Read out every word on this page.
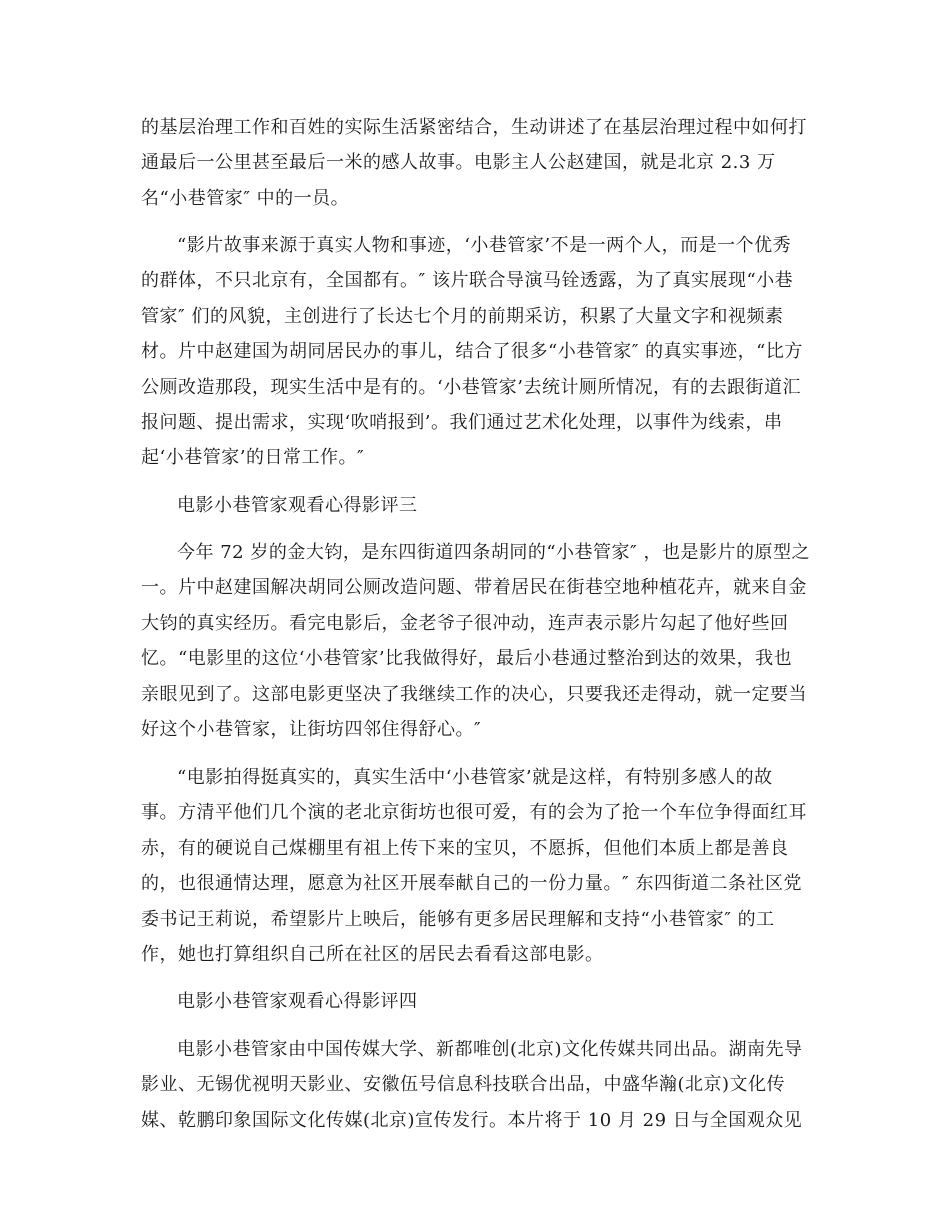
的基层治理工作和百姓的实际生活紧密结合，生动讲述了在基层治理过程中如何打
通最后一公里甚至最后一米的感人故事。电影主人公赵建国，就是北京 2.3 万
名“小巷管家″ 中的一员。
“影片故事来源于真实人物和事迹，‘小巷管家’不是一两个人，而是一个优秀
的群体，不只北京有，全国都有。″ 该片联合导演马铨透露，为了真实展现“小巷
管家″ 们的风貌，主创进行了长达七个月的前期采访，积累了大量文字和视频素
材。片中赵建国为胡同居民办的事儿，结合了很多“小巷管家″ 的真实事迹，“比方
公厕改造那段，现实生活中是有的。‘小巷管家’去统计厕所情况，有的去跟街道汇
报问题、提出需求，实现‘吹哨报到’。我们通过艺术化处理，以事件为线索，串
起‘小巷管家’的日常工作。″
电影小巷管家观看心得影评三
今年 72 岁的金大钧，是东四街道四条胡同的“小巷管家″ ，也是影片的原型之
一。片中赵建国解决胡同公厕改造问题、带着居民在街巷空地种植花卉，就来自金
大钧的真实经历。看完电影后，金老爷子很冲动，连声表示影片勾起了他好些回
忆。“电影里的这位‘小巷管家’比我做得好，最后小巷通过整治到达的效果，我也
亲眼见到了。这部电影更坚决了我继续工作的决心，只要我还走得动，就一定要当
好这个小巷管家，让街坊四邻住得舒心。″
“电影拍得挺真实的，真实生活中‘小巷管家’就是这样，有特别多感人的故
事。方清平他们几个演的老北京街坊也很可爱，有的会为了抢一个车位争得面红耳
赤，有的硬说自己煤棚里有祖上传下来的宝贝，不愿拆，但他们本质上都是善良
的，也很通情达理，愿意为社区开展奉献自己的一份力量。″ 东四街道二条社区党
委书记王莉说，希望影片上映后，能够有更多居民理解和支持“小巷管家″ 的工
作，她也打算组织自己所在社区的居民去看看这部电影。
电影小巷管家观看心得影评四
电影小巷管家由中国传媒大学、新都唯创(北京)文化传媒共同出品。湖南先导
影业、无锡优视明天影业、安徽伍号信息科技联合出品，中盛华瀚(北京)文化传
媒、乾鹏印象国际文化传媒(北京)宣传发行。本片将于 10 月 29 日与全国观众见
